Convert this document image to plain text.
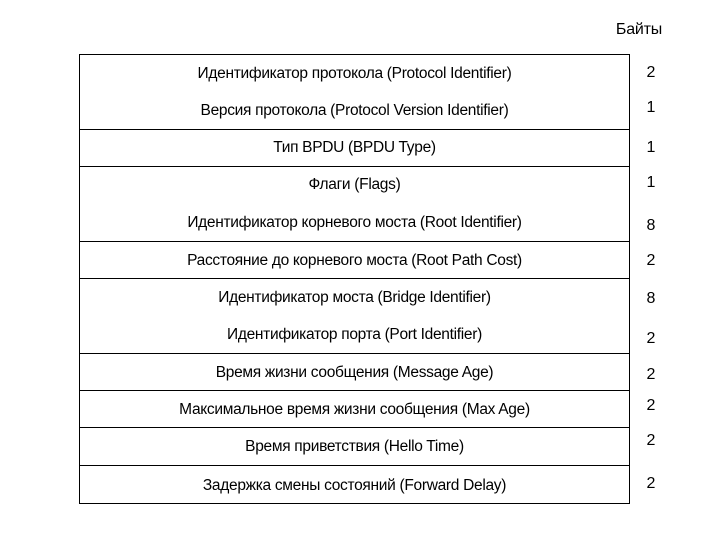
Байты
Идентификатор протокола (Protocol Identifier)
Версия протокола (Protocol Version Identifier)
Тип BPDU (BPDU Type)
Флаги (Flags)
Идентификатор корневого моста (Root Identifier)
Расстояние до корневого моста (Root Path Cost)
Идентификатор моста (Bridge Identifier)
Идентификатор порта (Port Identifier)
Время жизни сообщения (Message Age)
Максимальное время жизни сообщения (Max Age)
Время приветствия (Hello Time)
Задержка смены состояний (Forward Delay)
2
1
1
1
8
2
8
2
2
2
2
2
